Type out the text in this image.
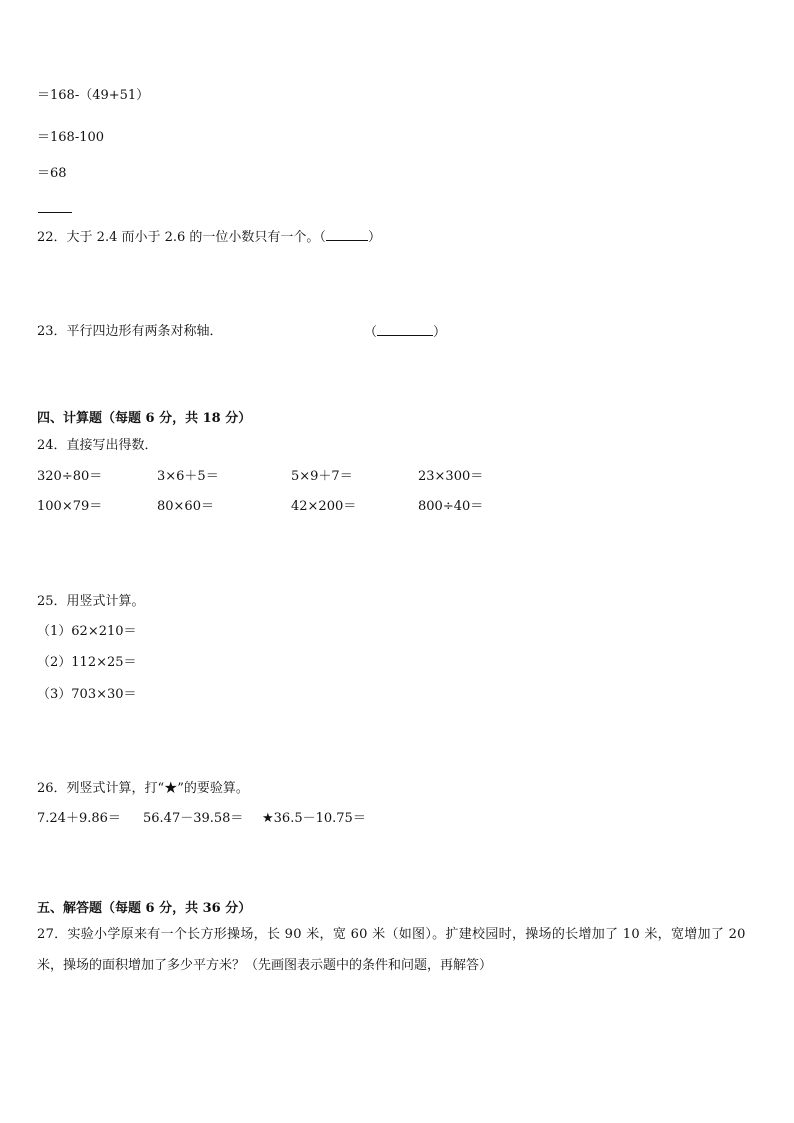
＝168-（49+51）
＝168-100
＝68
22．大于 2.4 而小于 2.6 的一位小数只有一个。（	）
23．平行四边形有两条对称轴．	（	）
四、计算题（每题 6 分，共 18 分）
24．直接写出得数．
320÷80＝	3×6＋5＝	5×9＋7＝	23×300＝
100×79＝	80×60＝	42×200＝	800÷40＝
25．用竖式计算。
（1）62×210＝
（2）112×25＝
（3）703×30＝
26．列竖式计算，打“★”的要验算。
7.24＋9.86＝ 56.47－39.58＝ ★36.5－10.75＝
五、解答题（每题 6 分，共 36 分）
27．实验小学原来有一个长方形操场，长 90 米，宽 60 米（如图）。扩建校园时，操场的长增加了 10 米，宽增加了 20
米，操场的面积增加了多少平方米？（先画图表示题中的条件和问题，再解答）
